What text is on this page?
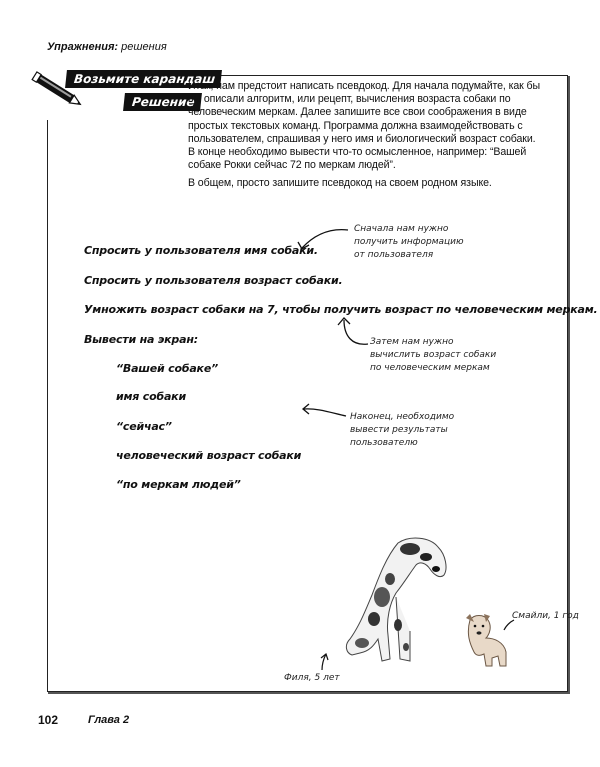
Упражнения: решения
Возьмите карандаш
Решение

Итак, нам предстоит написать псевдокод. Для начала подумайте, как бы вы описали алгоритм, или рецепт, вычисления возраста собаки по человеческим меркам. Далее запишите все свои соображения в виде простых текстовых команд. Программа должна взаимодействовать с пользователем, спрашивая у него имя и биологический возраст собаки. В конце необходимо вывести что-то осмысленное, например: “Вашей собаке Рокки сейчас 72 по меркам людей”.

В общем, просто запишите псевдокод на своем родном языке.

Спросить у пользователя имя собаки.
Спросить у пользователя возраст собаки.
Умножить возраст собаки на 7, чтобы получить возраст по человеческим меркам.
Вывести на экран:
“Вашей собаке”
имя собаки
“сейчас”
человеческий возраст собаки
“по меркам людей”
Сначала нам нужно
получить информацию
от пользователя
Затем нам нужно
вычислить возраст собаки
по человеческим меркам
Наконец, необходимо
вывести результаты
пользователю
Смайли, 1 год
Филя, 5 лет
102	Глава 2
